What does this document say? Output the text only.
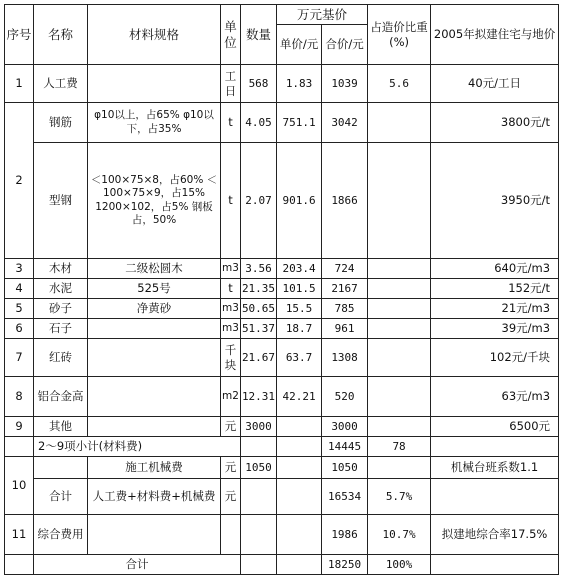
序号	名称	材料规格	单位	数量	万元基价		占造价比重(%)	2005年拟建住宅与地价
					单价/元	合价/元		
1	人工费		工日	568	1.83	1039	5.6	40元/工日
2	钢筋	φ10以上，占65% φ10以下，占35%	t	4.05	751.1	3042		3800元/t
	型钢	＜100×75×8，占60% ＜100×75×9，占15% 1200×102，占5% 钢板占，50%	t	2.07	901.6	1866		3950元/t
3	木材	二级松圆木	m3	3.56	203.4	724		640元/m3
4	水泥	525号	t	21.35	101.5	2167		152元/t
5	砂子	净黄砂	m3	50.65	15.5	785		21元/m3
6	石子		m3	51.37	18.7	961		39元/m3
7	红砖		千块	21.67	63.7	1308		102元/千块
8	铝合金高		m2	12.31	42.21	520		63元/m3
9	其他		元	3000		3000		6500元
	2～9项小计(材料费)					14445	78	
10		施工机械费	元	1050		1050		机械台班系数1.1
	合计	人工费+材料费+机械费	元			16534	5.7%	
11	综合费用					1986	10.7%	拟建地综合率17.5%
	合计					18250	100%	
